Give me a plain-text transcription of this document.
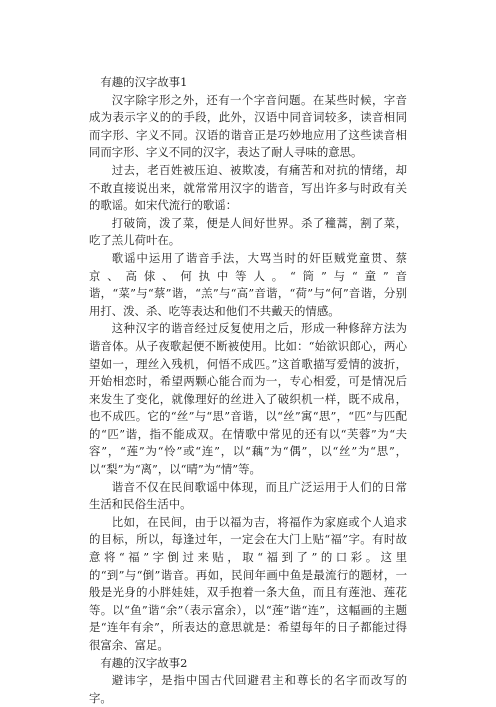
有趣的汉字故事1

汉字除字形之外，还有一个字音问题。在某些时候，字音成为表示字义的的手段，此外，汉语中同音词较多，读音相同而字形、字义不同。汉语的谐音正是巧妙地应用了这些读音相同而字形、字义不同的汉字，表达了耐人寻味的意思。

过去，老百姓被压迫、被欺凌，有痛苦和对抗的情绪，却不敢直接说出来，就常常用汉字的谐音，写出许多与时政有关的歌谣。如宋代流行的歌谣：

打破筒，泼了菜，便是人间好世界。杀了穜蒿，割了菜，吃了羔儿荷叶在。

歌谣中运用了谐音手法，大骂当时的奸臣贼党童贯、蔡京、高俅、何执中等人。“筒”与“童”音谐，“菜”与“蔡”谐，“羔”与“高”音谐，“荷”与“何”音谐，分别用打、泼、杀、吃等表达和他们不共戴天的情感。

这种汉字的谐音经过反复使用之后，形成一种修辞方法为谐音体。从子夜歌起便不断被使用。比如：“始欲识郎心，两心望如一，理丝入残机，何悟不成匹。”这首歌描写爱情的波折，开始相恋时，希望两颗心能合而为一，专心相爱，可是情况后来发生了变化，就像理好的丝进入了破织机一样，既不成帛，也不成匹。它的“丝”与“思”音谐，以“丝”寓“思”，“匹”与匹配的“匹”谐，指不能成双。在情歌中常见的还有以“芙蓉”为“夫容”，“莲”为“怜”或“连”，以“藕”为“偶”，以“丝”为“思”，以“梨”为“离”，以“晴”为“情”等。

谐音不仅在民间歌谣中体现，而且广泛运用于人们的日常生活和民俗生活中。

比如，在民间，由于以福为吉，将福作为家庭或个人追求的目标，所以，每逢过年，一定会在大门上贴“福”字。有时故意将“福”字倒过来贴，取“福到了”的口彩。这里的“到”与“倒”谐音。再如，民间年画中鱼是最流行的题材，一般是光身的小胖娃娃，双手抱着一条大鱼，而且有莲池、莲花等。以“鱼”谐“余”（表示富余），以“莲”谐“连”，这幅画的主题是“连年有余”，所表达的意思就是：希望每年的日子都能过得很富余、富足。

有趣的汉字故事2

避讳字，是指中国古代回避君主和尊长的名字而改写的字。
